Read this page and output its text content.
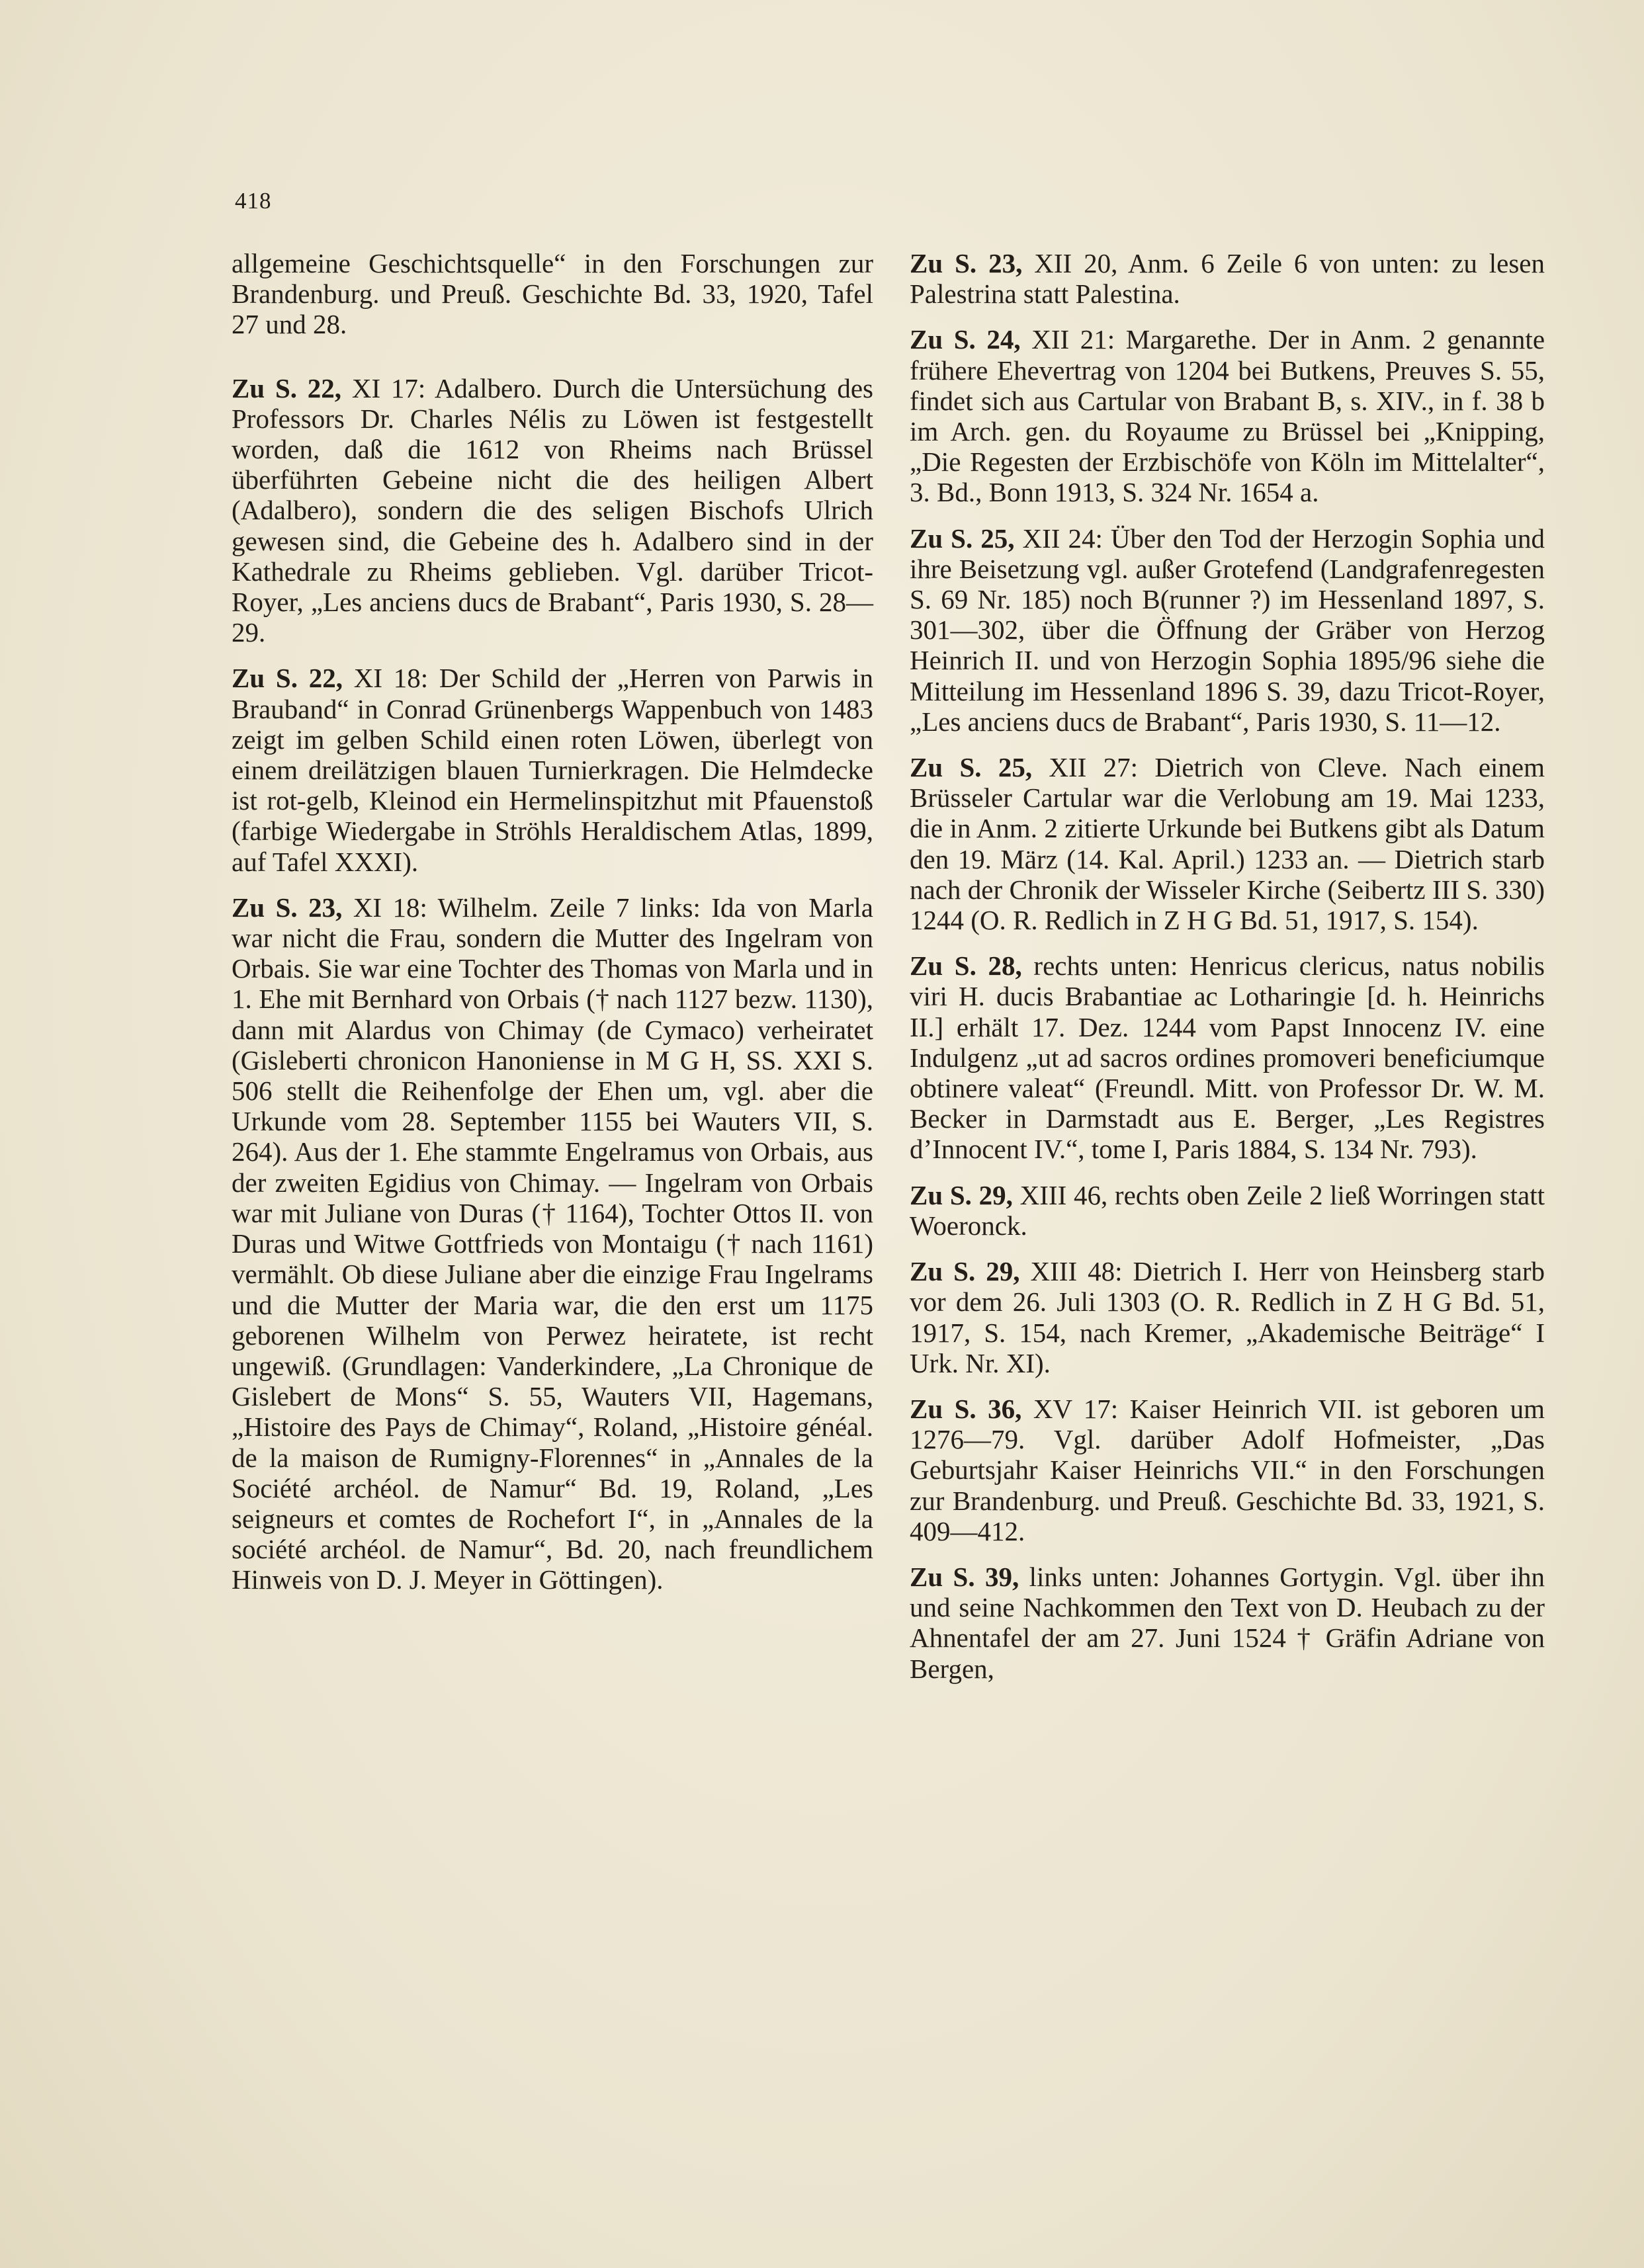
418

allgemeine Geschichtsquelle“ in den Forschungen zur Brandenburg. und Preuß. Geschichte Bd. 33, 1920, Tafel 27 und 28.

Zu S. 22, XI 17: Adalbero. Durch die Untersüchung des Professors Dr. Charles Nélis zu Löwen ist festgestellt worden, daß die 1612 von Rheims nach Brüssel überführten Gebeine nicht die des heiligen Albert (Adalbero), sondern die des seligen Bischofs Ulrich gewesen sind, die Gebeine des h. Adalbero sind in der Kathedrale zu Rheims geblieben. Vgl. darüber Tricot-Royer, „Les anciens ducs de Brabant“, Paris 1930, S. 28—29.

Zu S. 22, XI 18: Der Schild der „Herren von Parwis in Brauband“ in Conrad Grünenbergs Wappenbuch von 1483 zeigt im gelben Schild einen roten Löwen, überlegt von einem dreilätzigen blauen Turnierkragen. Die Helmdecke ist rot-gelb, Kleinod ein Hermelinspitzhut mit Pfauenstoß (farbige Wiedergabe in Ströhls Heraldischem Atlas, 1899, auf Tafel XXXI).

Zu S. 23, XI 18: Wilhelm. Zeile 7 links: Ida von Marla war nicht die Frau, sondern die Mutter des Ingelram von Orbais. Sie war eine Tochter des Thomas von Marla und in 1. Ehe mit Bernhard von Orbais († nach 1127 bezw. 1130), dann mit Alardus von Chimay (de Cymaco) verheiratet (Gisleberti chronicon Hanoniense in M G H, SS. XXI S. 506 stellt die Reihenfolge der Ehen um, vgl. aber die Urkunde vom 28. September 1155 bei Wauters VII, S. 264). Aus der 1. Ehe stammte Engelramus von Orbais, aus der zweiten Egidius von Chimay. — Ingelram von Orbais war mit Juliane von Duras († 1164), Tochter Ottos II. von Duras und Witwe Gottfrieds von Montaigu († nach 1161) vermählt. Ob diese Juliane aber die einzige Frau Ingelrams und die Mutter der Maria war, die den erst um 1175 geborenen Wilhelm von Perwez heiratete, ist recht ungewiß. (Grundlagen: Vanderkindere, „La Chronique de Gislebert de Mons“ S. 55, Wauters VII, Hagemans, „Histoire des Pays de Chimay“, Roland, „Histoire généal. de la maison de Rumigny-Florennes“ in „Annales de la Société archéol. de Namur“ Bd. 19, Roland, „Les seigneurs et comtes de Rochefort I“, in „Annales de la société archéol. de Namur“, Bd. 20, nach freundlichem Hinweis von D. J. Meyer in Göttingen).

Zu S. 23, XII 20, Anm. 6 Zeile 6 von unten: zu lesen Palestrina statt Palestina.

Zu S. 24, XII 21: Margarethe. Der in Anm. 2 genannte frühere Ehevertrag von 1204 bei Butkens, Preuves S. 55, findet sich aus Cartular von Brabant B, s. XIV., in f. 38 b im Arch. gen. du Royaume zu Brüssel bei „Knipping, „Die Regesten der Erzbischöfe von Köln im Mittelalter“, 3. Bd., Bonn 1913, S. 324 Nr. 1654 a.

Zu S. 25, XII 24: Über den Tod der Herzogin Sophia und ihre Beisetzung vgl. außer Grotefend (Landgrafenregesten S. 69 Nr. 185) noch B(runner ?) im Hessenland 1897, S. 301—302, über die Öffnung der Gräber von Herzog Heinrich II. und von Herzogin Sophia 1895/96 siehe die Mitteilung im Hessenland 1896 S. 39, dazu Tricot-Royer, „Les anciens ducs de Brabant“, Paris 1930, S. 11—12.

Zu S. 25, XII 27: Dietrich von Cleve. Nach einem Brüsseler Cartular war die Verlobung am 19. Mai 1233, die in Anm. 2 zitierte Urkunde bei Butkens gibt als Datum den 19. März (14. Kal. April.) 1233 an. — Dietrich starb nach der Chronik der Wisseler Kirche (Seibertz III S. 330) 1244 (O. R. Redlich in Z H G Bd. 51, 1917, S. 154).

Zu S. 28, rechts unten: Henricus clericus, natus nobilis viri H. ducis Brabantiae ac Lotharingie [d. h. Heinrichs II.] erhält 17. Dez. 1244 vom Papst Innocenz IV. eine Indulgenz „ut ad sacros ordines promoveri beneficiumque obtinere valeat“ (Freundl. Mitt. von Professor Dr. W. M. Becker in Darmstadt aus E. Berger, „Les Registres d’Innocent IV.“, tome I, Paris 1884, S. 134 Nr. 793).

Zu S. 29, XIII 46, rechts oben Zeile 2 ließ Worringen statt Woeronck.

Zu S. 29, XIII 48: Dietrich I. Herr von Heinsberg starb vor dem 26. Juli 1303 (O. R. Redlich in Z H G Bd. 51, 1917, S. 154, nach Kremer, „Akademische Beiträge“ I Urk. Nr. XI).

Zu S. 36, XV 17: Kaiser Heinrich VII. ist geboren um 1276—79. Vgl. darüber Adolf Hofmeister, „Das Geburtsjahr Kaiser Heinrichs VII.“ in den Forschungen zur Brandenburg. und Preuß. Geschichte Bd. 33, 1921, S. 409—412.

Zu S. 39, links unten: Johannes Gortygin. Vgl. über ihn und seine Nachkommen den Text von D. Heubach zu der Ahnentafel der am 27. Juni 1524 † Gräfin Adriane von Bergen,
